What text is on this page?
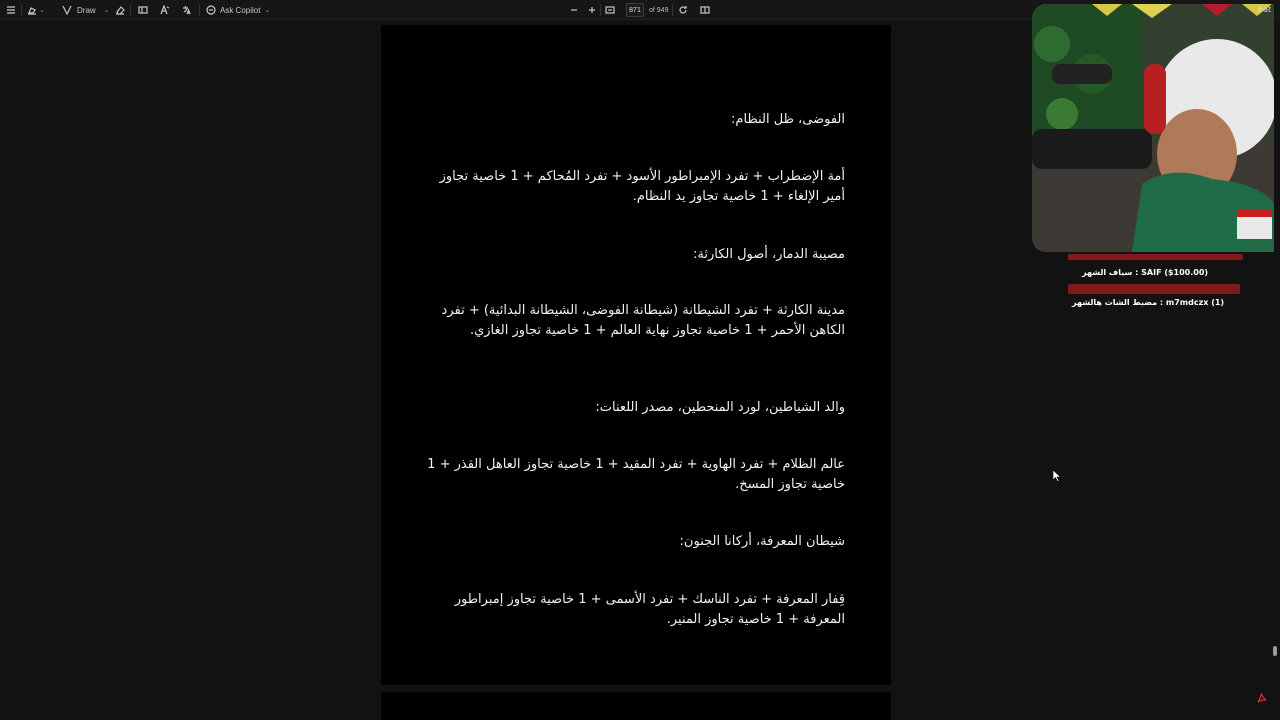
⌄	Draw ⌄	Ask Copilot ⌄	871	of 949
الفوضى، ظل النظام:
أمة الإضطراب + تفرد الإمبراطور الأسود + تفرد المُحاكم + 1 خاصية تجاوز أمير الإلغاء + 1 خاصية تجاوز يد النظام.
مصيبة الدمار، أصول الكارثة:
مدينة الكارثة + تفرد الشيطانة (شيطانة الفوضى، الشيطانة البدائية) + تفرد الكاهن الأحمر + 1 خاصية تجاوز نهاية العالم + 1 خاصية تجاوز الغازي.
والد الشياطين، لورد المنحطين، مصدر اللعنات:
عالم الظلام + تفرد الهاوية + تفرد المقيد + 1 خاصية تجاوز العاهل القذر + 1 خاصية تجاوز المسخ.
شيطان المعرفة، أركانا الجنون:
قِفار المعرفة + تفرد الناسك + تفرد الأسمى + 1 خاصية تجاوز إمبراطور المعرفة + 1 خاصية تجاوز المنير.
bat
SAIF ($100.00) : سياف الشهر
m7mdczx (1) : مضبط الشات هالشهر
